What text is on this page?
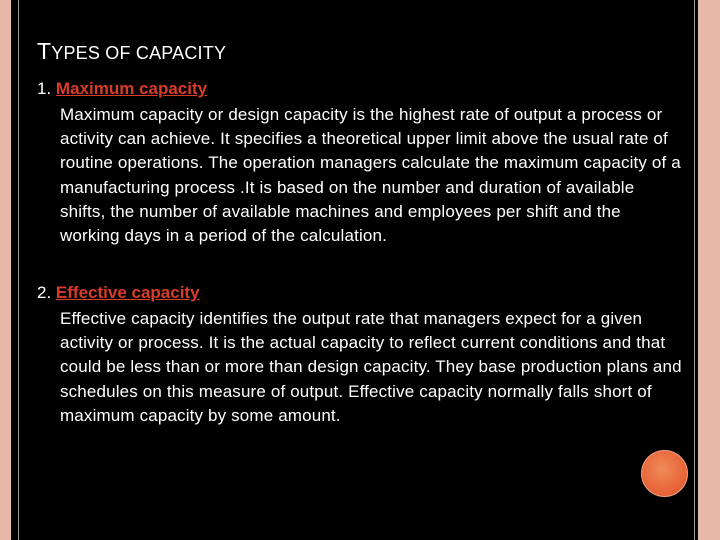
TYPES OF CAPACITY

1. Maximum capacity

Maximum capacity or design capacity is the highest rate of output a process or activity can achieve. It specifies a theoretical upper limit above the usual rate of routine operations. The operation managers calculate the maximum capacity of a manufacturing process .It is based on the number and duration of available shifts, the number of available machines and employees per shift and the working days in a period of the calculation.

2. Effective capacity

Effective capacity identifies the output rate that managers expect for a given activity or process. It is the actual capacity to reflect current conditions and that could be less than or more than design capacity. They base production plans and schedules on this measure of output. Effective capacity normally falls short of maximum capacity by some amount.
